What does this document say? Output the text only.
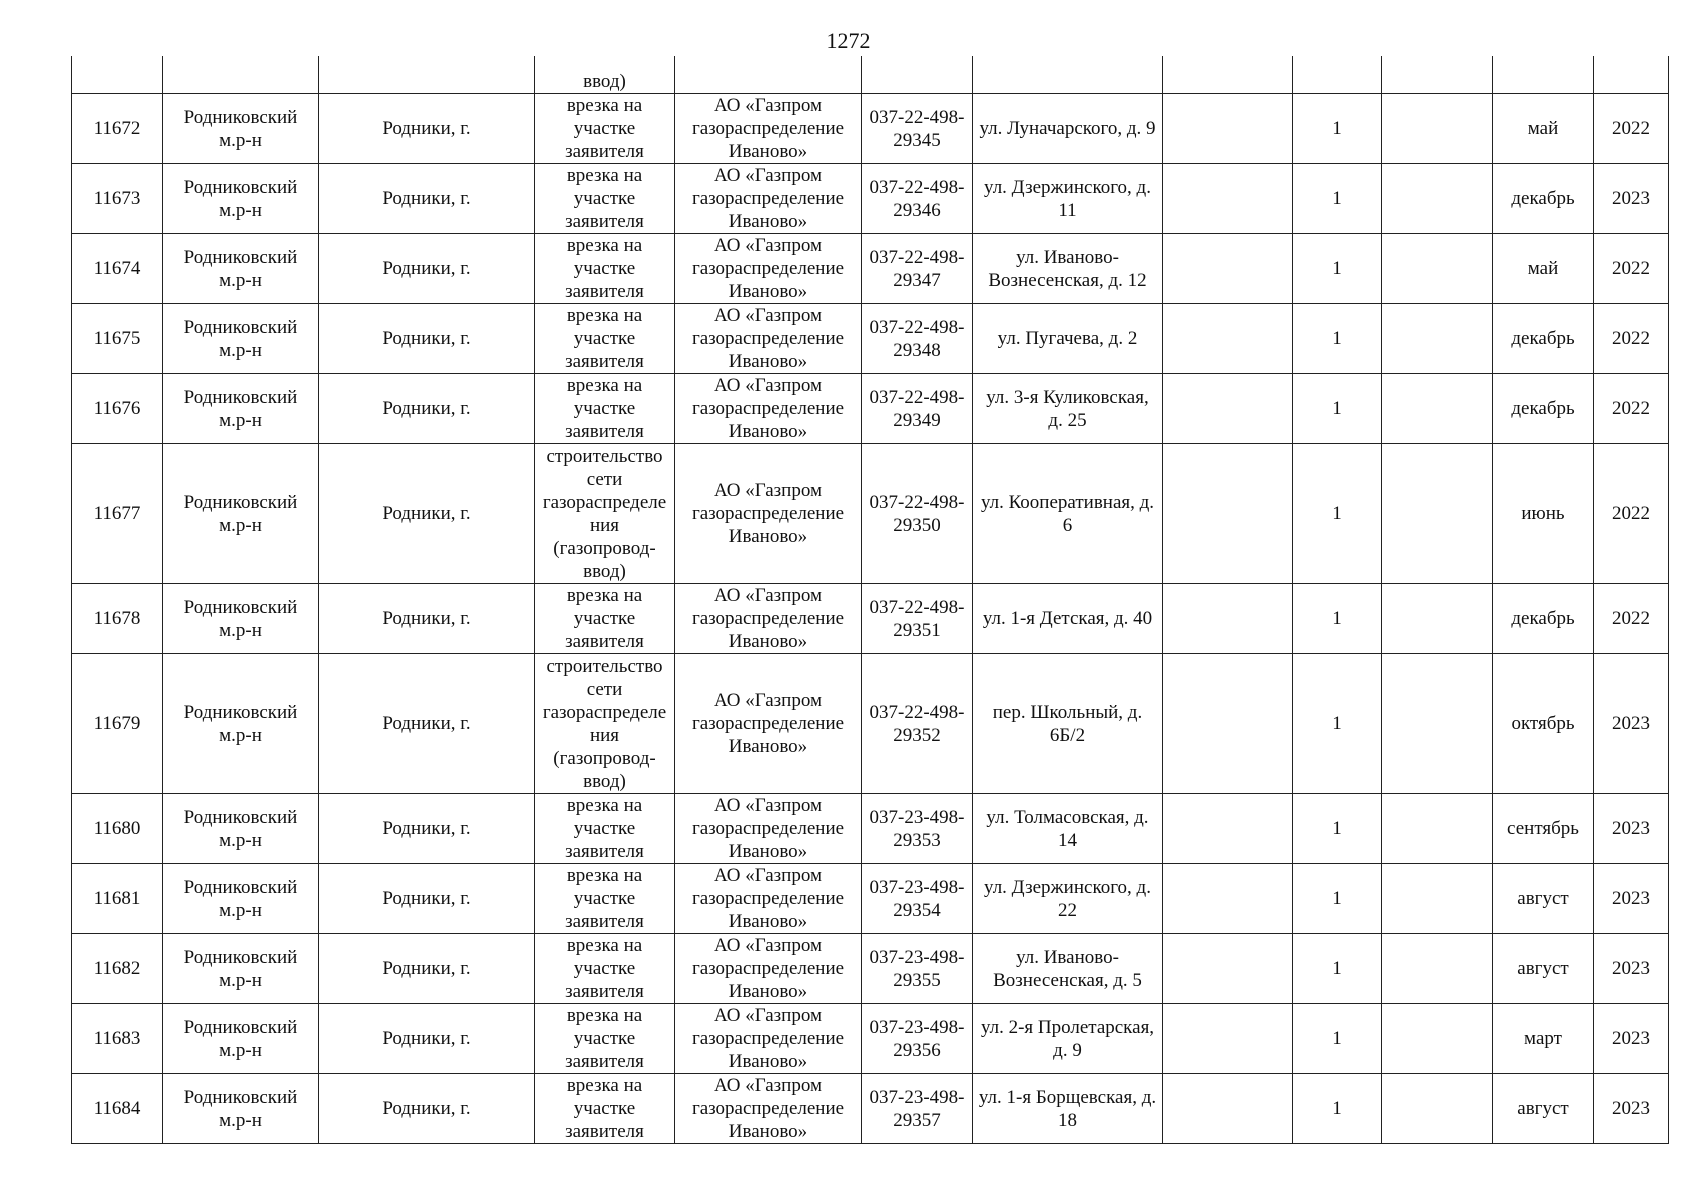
1272
			ввод)								
11672	Родниковский м.р-н	Родники, г.	врезка на участке заявителя	АО «Газпром газораспределение Иваново»	037-22-498-29345	ул. Луначарского, д. 9		1		май	2022
11673	Родниковский м.р-н	Родники, г.	врезка на участке заявителя	АО «Газпром газораспределение Иваново»	037-22-498-29346	ул. Дзержинского, д. 11		1		декабрь	2023
11674	Родниковский м.р-н	Родники, г.	врезка на участке заявителя	АО «Газпром газораспределение Иваново»	037-22-498-29347	ул. Иваново-Вознесенская, д. 12		1		май	2022
11675	Родниковский м.р-н	Родники, г.	врезка на участке заявителя	АО «Газпром газораспределение Иваново»	037-22-498-29348	ул. Пугачева, д. 2		1		декабрь	2022
11676	Родниковский м.р-н	Родники, г.	врезка на участке заявителя	АО «Газпром газораспределение Иваново»	037-22-498-29349	ул. 3-я Куликовская, д. 25		1		декабрь	2022
11677	Родниковский м.р-н	Родники, г.	строительство сети газораспределения (газопровод-ввод)	АО «Газпром газораспределение Иваново»	037-22-498-29350	ул. Кооперативная, д. 6		1		июнь	2022
11678	Родниковский м.р-н	Родники, г.	врезка на участке заявителя	АО «Газпром газораспределение Иваново»	037-22-498-29351	ул. 1-я Детская, д. 40		1		декабрь	2022
11679	Родниковский м.р-н	Родники, г.	строительство сети газораспределения (газопровод-ввод)	АО «Газпром газораспределение Иваново»	037-22-498-29352	пер. Школьный, д. 6Б/2		1		октябрь	2023
11680	Родниковский м.р-н	Родники, г.	врезка на участке заявителя	АО «Газпром газораспределение Иваново»	037-23-498-29353	ул. Толмасовская, д. 14		1		сентябрь	2023
11681	Родниковский м.р-н	Родники, г.	врезка на участке заявителя	АО «Газпром газораспределение Иваново»	037-23-498-29354	ул. Дзержинского, д. 22		1		август	2023
11682	Родниковский м.р-н	Родники, г.	врезка на участке заявителя	АО «Газпром газораспределение Иваново»	037-23-498-29355	ул. Иваново-Вознесенская, д. 5		1		август	2023
11683	Родниковский м.р-н	Родники, г.	врезка на участке заявителя	АО «Газпром газораспределение Иваново»	037-23-498-29356	ул. 2-я Пролетарская, д. 9		1		март	2023
11684	Родниковский м.р-н	Родники, г.	врезка на участке заявителя	АО «Газпром газораспределение Иваново»	037-23-498-29357	ул. 1-я Борщевская, д. 18		1		август	2023
